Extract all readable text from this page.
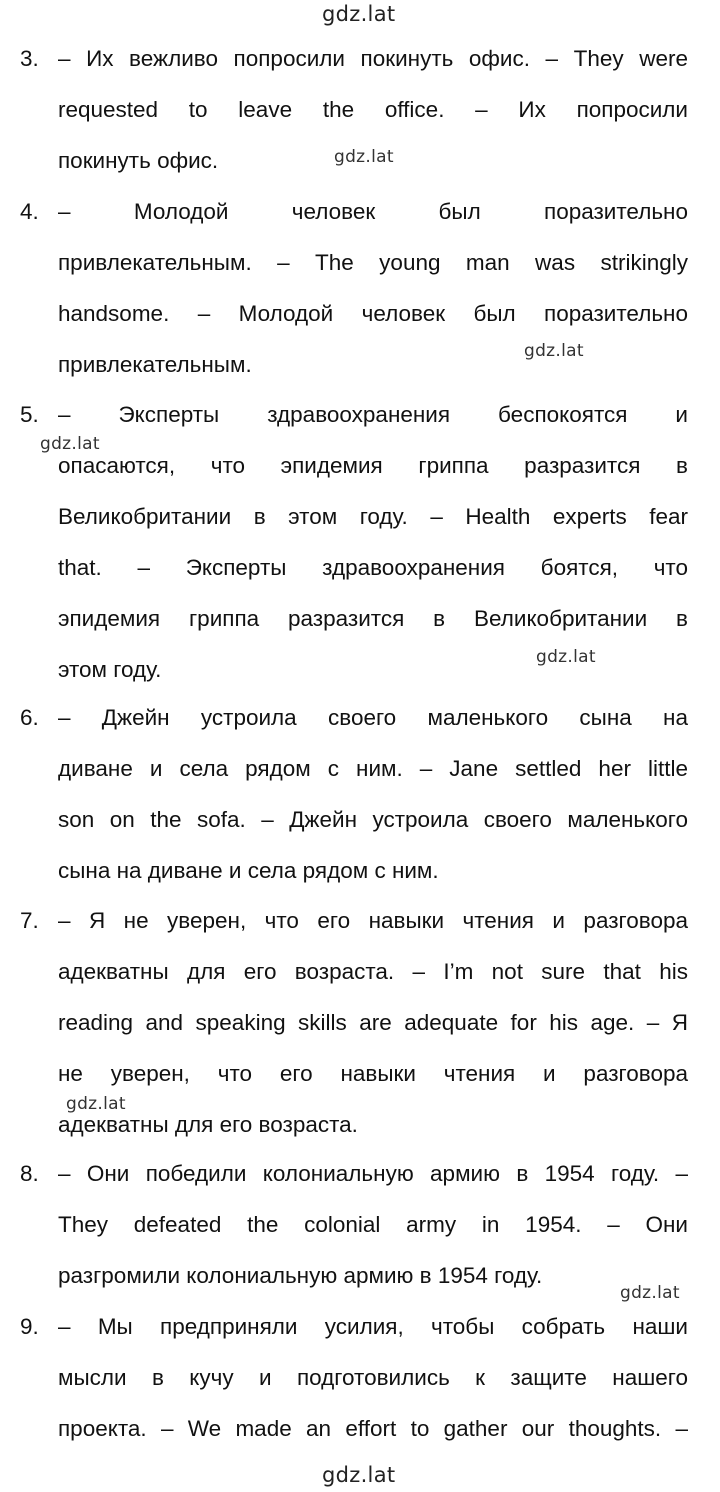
gdz.lat
gdz.lat
gdz.lat
gdz.lat
gdz.lat
gdz.lat
gdz.lat
gdz.lat
3. – Их вежливо попросили покинуть офис. – They were
requested to leave the office. – Их попросили
покинуть офис.
4. – Молодой человек был поразительно
привлекательным. – The young man was strikingly
handsome. – Молодой человек был поразительно
привлекательным.
5. – Эксперты здравоохранения беспокоятся и
опасаются, что эпидемия гриппа разразится в
Великобритании в этом году. – Health experts fear
that. – Эксперты здравоохранения боятся, что
эпидемия гриппа разразится в Великобритании в
этом году.
6. – Джейн устроила своего маленького сына на
диване и села рядом с ним. – Jane settled her little
son on the sofa. – Джейн устроила своего маленького
сына на диване и села рядом с ним.
7. – Я не уверен, что его навыки чтения и разговора
адекватны для его возраста. – I’m not sure that his
reading and speaking skills are adequate for his age. – Я
не уверен, что его навыки чтения и разговора
адекватны для его возраста.
8. – Они победили колониальную армию в 1954 году. –
They defeated the colonial army in 1954. – Они
разгромили колониальную армию в 1954 году.
9. – Мы предприняли усилия, чтобы собрать наши
мысли в кучу и подготовились к защите нашего
проекта. – We made an effort to gather our thoughts. –
